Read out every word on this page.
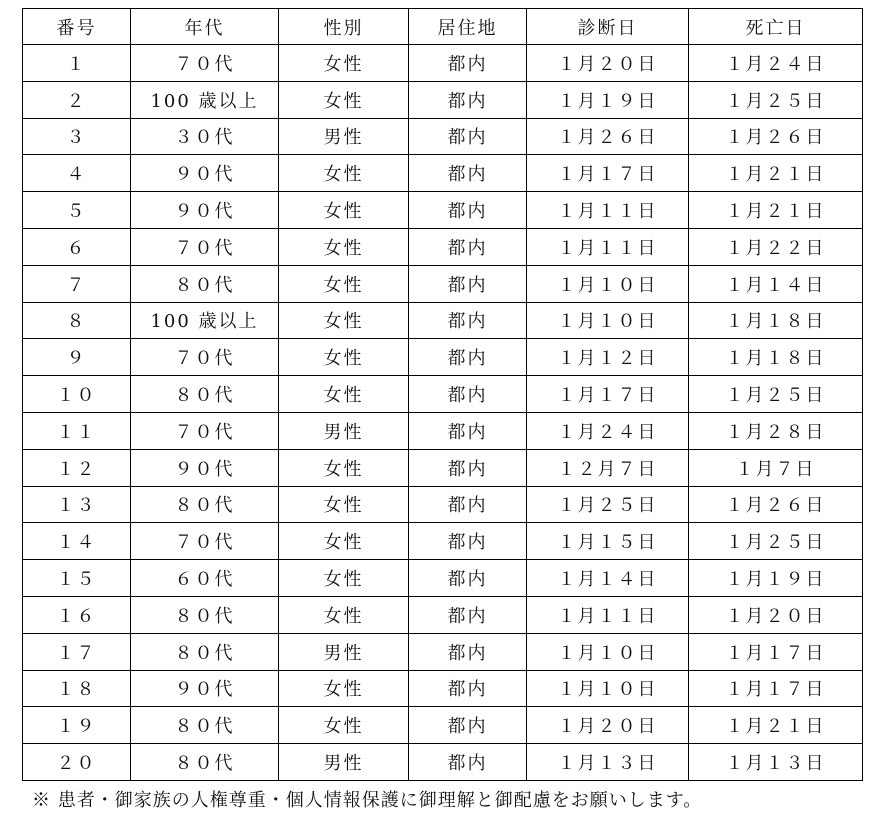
番号	年代	性別	居住地	診断日	死亡日
１	７０代	女性	都内	１月２０日	１月２４日
２	100 歳以上	女性	都内	１月１９日	１月２５日
３	３０代	男性	都内	１月２６日	１月２６日
４	９０代	女性	都内	１月１７日	１月２１日
５	９０代	女性	都内	１月１１日	１月２１日
６	７０代	女性	都内	１月１１日	１月２２日
７	８０代	女性	都内	１月１０日	１月１４日
８	100 歳以上	女性	都内	１月１０日	１月１８日
９	７０代	女性	都内	１月１２日	１月１８日
１０	８０代	女性	都内	１月１７日	１月２５日
１１	７０代	男性	都内	１月２４日	１月２８日
１２	９０代	女性	都内	１２月７日	１月７日
１３	８０代	女性	都内	１月２５日	１月２６日
１４	７０代	女性	都内	１月１５日	１月２５日
１５	６０代	女性	都内	１月１４日	１月１９日
１６	８０代	女性	都内	１月１１日	１月２０日
１７	８０代	男性	都内	１月１０日	１月１７日
１８	９０代	女性	都内	１月１０日	１月１７日
１９	８０代	女性	都内	１月２０日	１月２１日
２０	８０代	男性	都内	１月１３日	１月１３日
※ 患者・御家族の人権尊重・個人情報保護に御理解と御配慮をお願いします。
